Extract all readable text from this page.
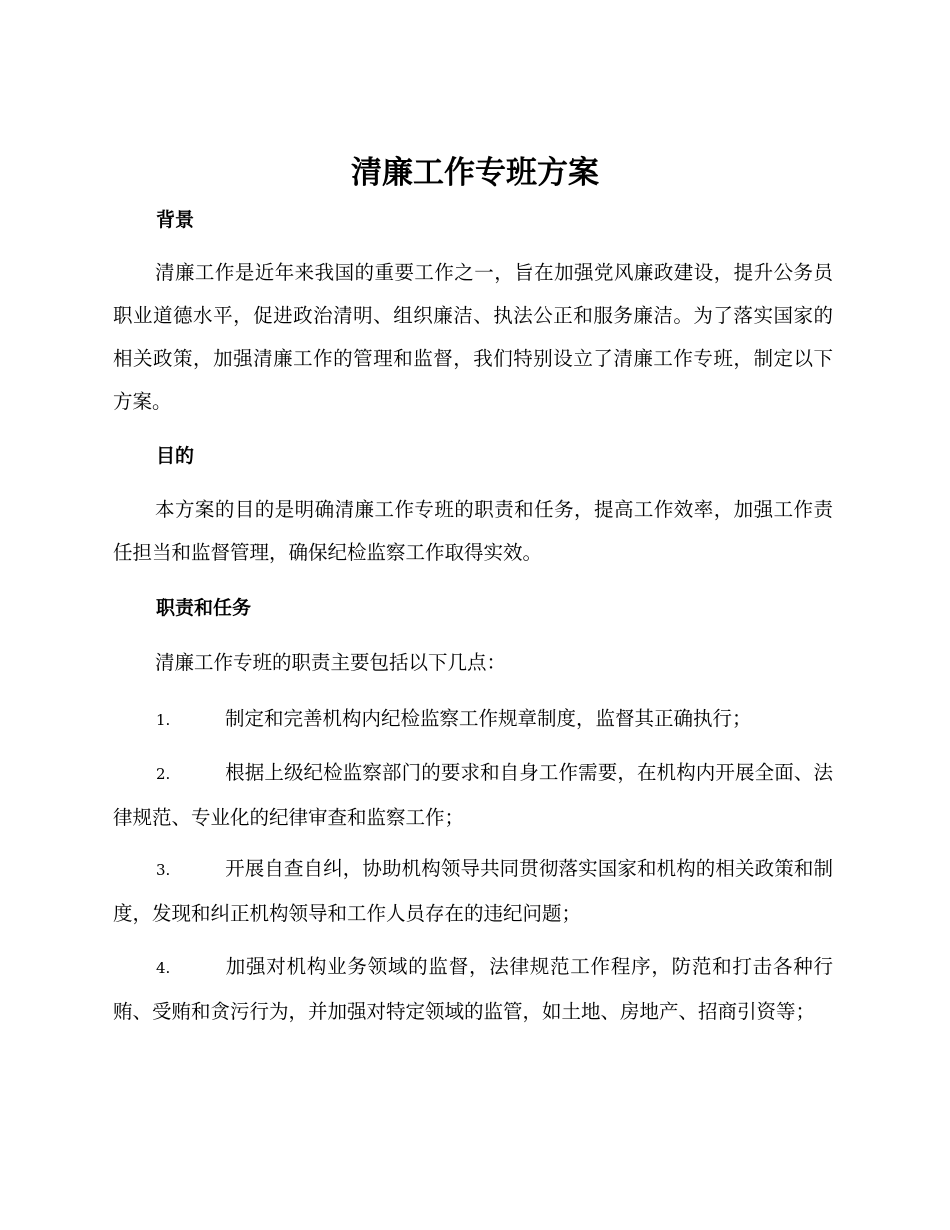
清廉工作专班方案
背景

清廉工作是近年来我国的重要工作之一，旨在加强党风廉政建设，提升公务员职业道德水平，促进政治清明、组织廉洁、执法公正和服务廉洁。为了落实国家的相关政策，加强清廉工作的管理和监督，我们特别设立了清廉工作专班，制定以下方案。

目的

本方案的目的是明确清廉工作专班的职责和任务，提高工作效率，加强工作责任担当和监督管理，确保纪检监察工作取得实效。

职责和任务

清廉工作专班的职责主要包括以下几点：

1.	制定和完善机构内纪检监察工作规章制度，监督其正确执行；

2.	根据上级纪检监察部门的要求和自身工作需要，在机构内开展全面、法律规范、专业化的纪律审查和监察工作；

3.	开展自查自纠，协助机构领导共同贯彻落实国家和机构的相关政策和制度，发现和纠正机构领导和工作人员存在的违纪问题；

4.	加强对机构业务领域的监督，法律规范工作程序，防范和打击各种行贿、受贿和贪污行为，并加强对特定领域的监管，如土地、房地产、招商引资等；
